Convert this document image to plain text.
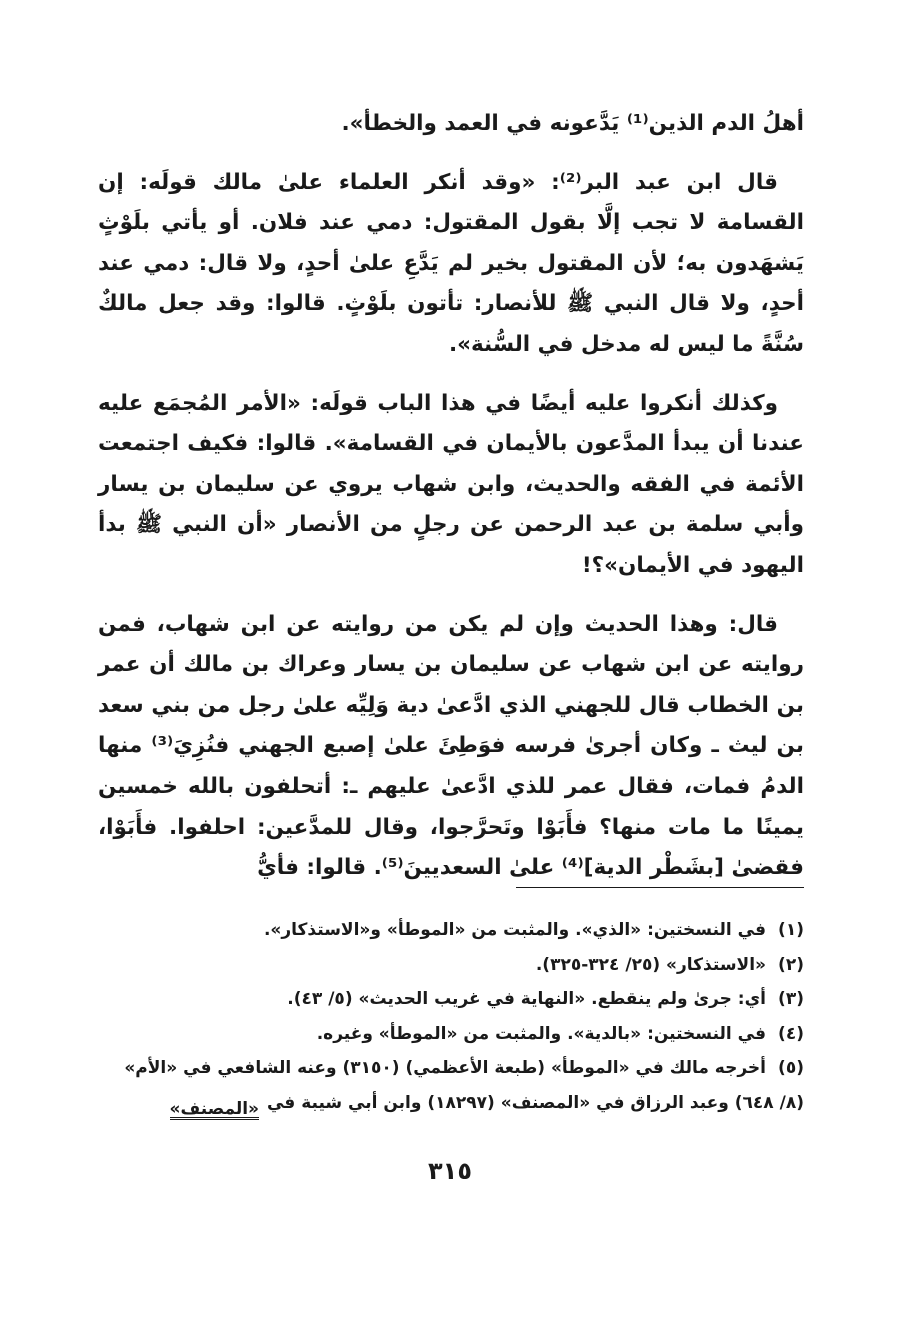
أهلُ الدم الذين⁽¹⁾ يَدَّعونه في العمد والخطأ».

قال ابن عبد البر⁽²⁾: «وقد أنكر العلماء علىٰ مالك قولَه: إن القسامة لا تجب إلَّا بقول المقتول: دمي عند فلان. أو يأتي بلَوْثٍ يَشهَدون به؛ لأن المقتول بخير لم يَدَّعِ علىٰ أحدٍ، ولا قال: دمي عند أحدٍ، ولا قال النبي ﷺ للأنصار: تأتون بلَوْثٍ. قالوا: وقد جعل مالكٌ سُنَّةً ما ليس له مدخل في السُّنة».

وكذلك أنكروا عليه أيضًا في هذا الباب قولَه: «الأمر المُجمَع عليه عندنا أن يبدأ المدَّعون بالأيمان في القسامة». قالوا: فكيف اجتمعت الأئمة في الفقه والحديث، وابن شهاب يروي عن سليمان بن يسار وأبي سلمة بن عبد الرحمن عن رجلٍ من الأنصار «أن النبي ﷺ بدأ اليهود في الأيمان»؟!

قال: وهذا الحديث وإن لم يكن من روايته عن ابن شهاب، فمن روايته عن ابن شهاب عن سليمان بن يسار وعراك بن مالك أن عمر بن الخطاب قال للجهني الذي ادَّعىٰ دية وَلِيِّه علىٰ رجل من بني سعد بن ليث ـ وكان أجرىٰ فرسه فوَطِئَ علىٰ إصبع الجهني فنُزِيَ⁽³⁾ منها الدمُ فمات، فقال عمر للذي ادَّعىٰ عليهم ـ: أتحلفون بالله خمسين يمينًا ما مات منها؟ فأَبَوْا وتَحرَّجوا، وقال للمدَّعين: احلفوا. فأَبَوْا، فقضىٰ [بشَطْر الدية]⁽⁴⁾ علىٰ السعديينَ⁽⁵⁾. قالوا: فأيُّ

(١)
في النسختين: «الذي». والمثبت من «الموطأ» و«الاستذكار».
(٢)
«الاستذكار» (٢٥/ ٣٢٤-٣٢٥).
(٣)
أي: جرىٰ ولم ينقطع. «النهاية في غريب الحديث» (٥/ ٤٣).
(٤)
في النسختين: «بالدية». والمثبت من «الموطأ» وغيره.
(٥)
أخرجه مالك في «الموطأ» (طبعة الأعظمي) (٣١٥٠) وعنه الشافعي في «الأم»
(٨/ ٦٤٨) وعبد الرزاق في «المصنف» (١٨٢٩٧) وابن أبي شيبة في «المصنف»
٣١٥
